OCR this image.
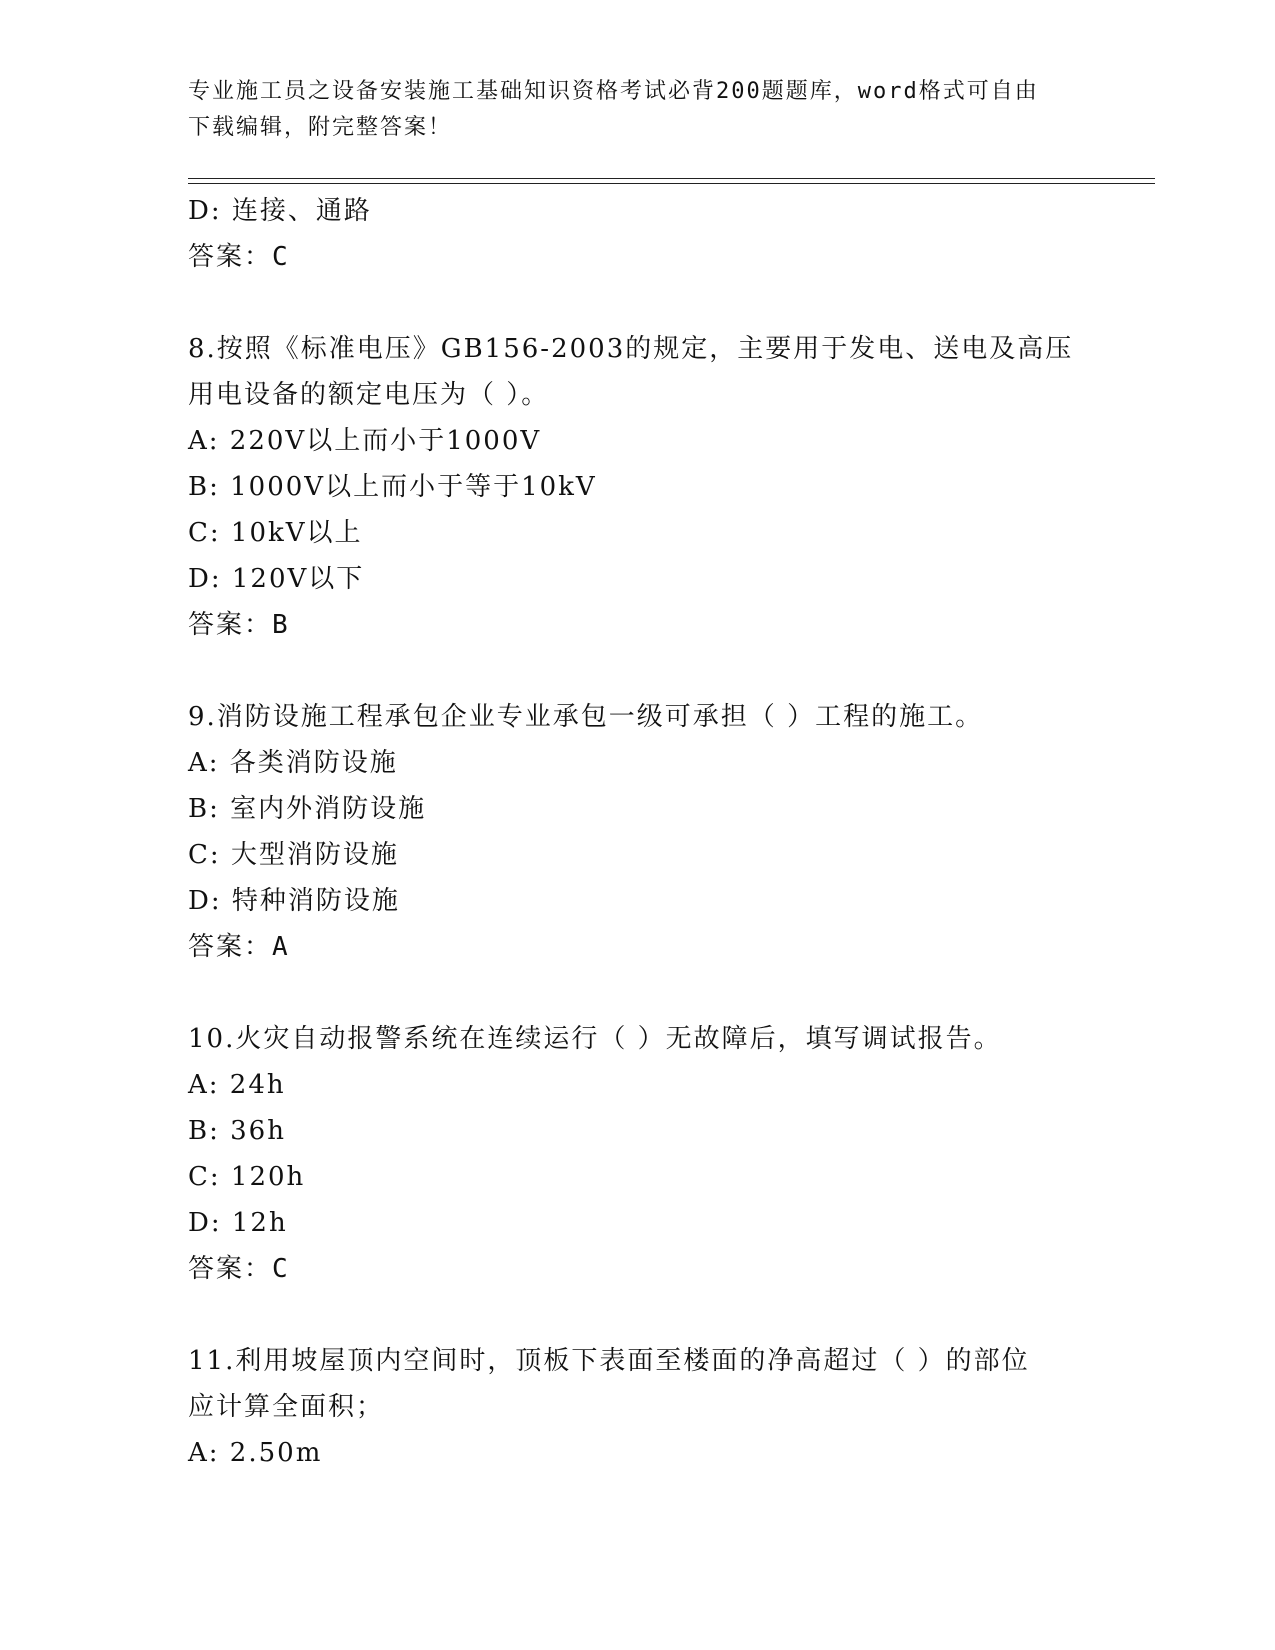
专业施工员之设备安装施工基础知识资格考试必背200题题库，word格式可自由
下载编辑，附完整答案！
D: 连接、通路
答案：C
8.按照《标准电压》GB156-2003的规定，主要用于发电、送电及高压
用电设备的额定电压为（ ）。
A: 220V以上而小于1000V
B: 1000V以上而小于等于10kV
C: 10kV以上
D: 120V以下
答案：B
9.消防设施工程承包企业专业承包一级可承担（ ）工程的施工。
A: 各类消防设施
B: 室内外消防设施
C: 大型消防设施
D: 特种消防设施
答案：A
10.火灾自动报警系统在连续运行（ ）无故障后，填写调试报告。
A: 24h
B: 36h
C: 120h
D: 12h
答案：C
11.利用坡屋顶内空间时，顶板下表面至楼面的净高超过（ ）的部位
应计算全面积；
A: 2.50m
